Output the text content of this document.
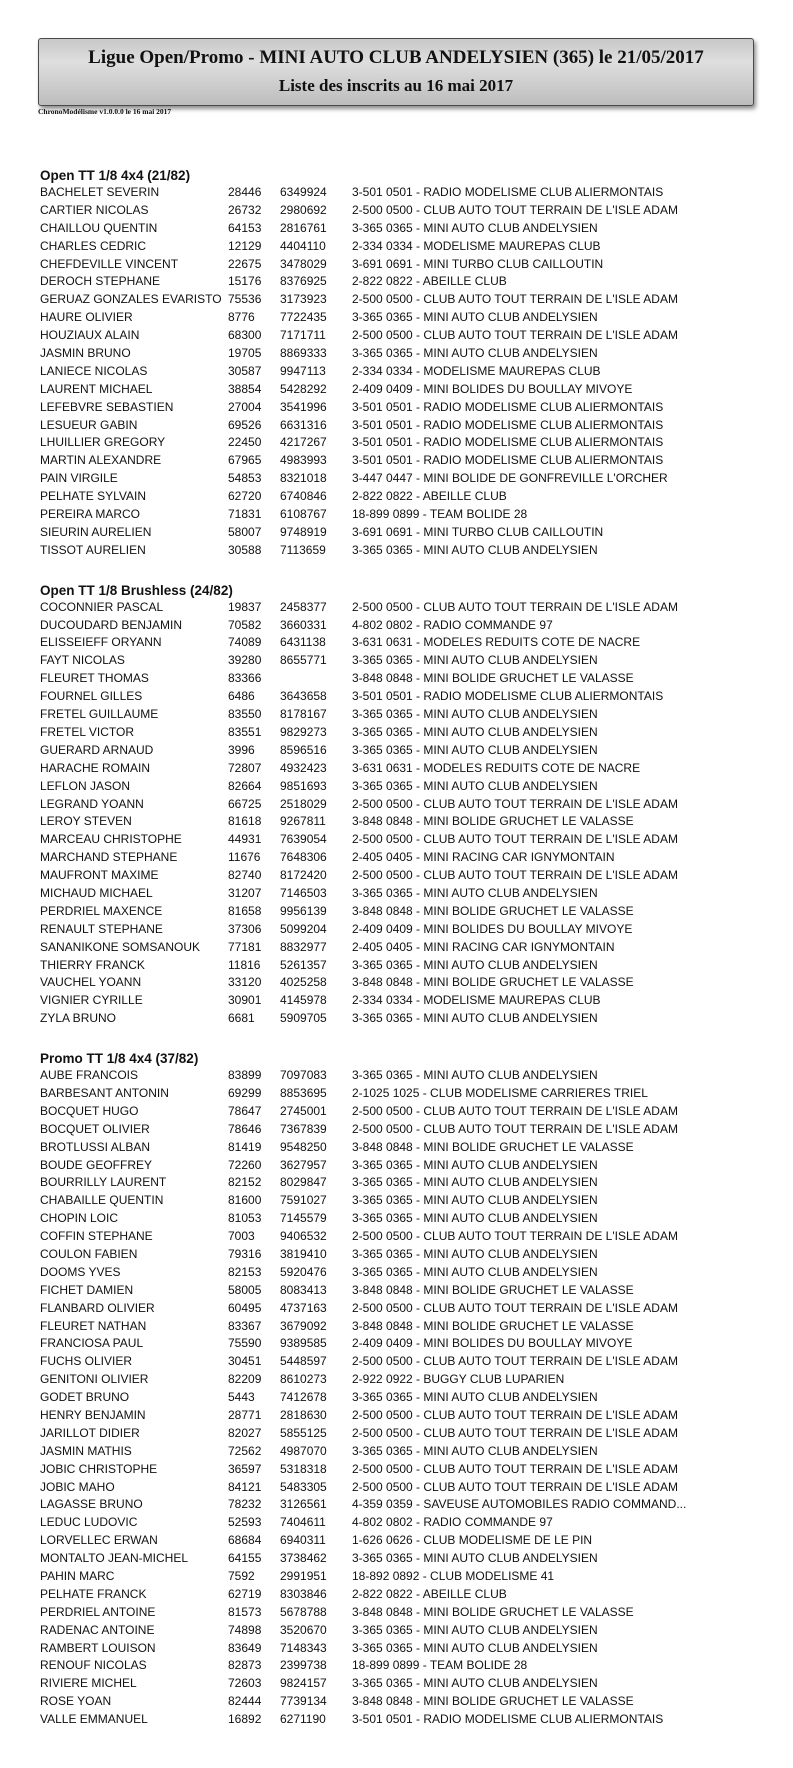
Ligue Open/Promo - MINI AUTO CLUB ANDELYSIEN (365) le 21/05/2017
Liste des inscrits au 16 mai 2017
ChronoModélisme v1.0.0.0 le 16 mai 2017
Open TT 1/8 4x4 (21/82)
BACHELET SEVERIN	28446 6349924 3-501 0501 - RADIO MODELISME CLUB ALIERMONTAIS
CARTIER NICOLAS	26732 2980692 2-500 0500 - CLUB AUTO TOUT TERRAIN DE L'ISLE ADAM
CHAILLOU QUENTIN	64153 2816761 3-365 0365 - MINI AUTO CLUB ANDELYSIEN
CHARLES CEDRIC	12129 4404110 2-334 0334 - MODELISME MAUREPAS CLUB
CHEFDEVILLE VINCENT	22675 3478029 3-691 0691 - MINI TURBO CLUB CAILLOUTIN
DEROCH STEPHANE	15176 8376925 2-822 0822 - ABEILLE CLUB
GERUAZ GONZALES EVARISTO 75536 3173923 2-500 0500 - CLUB AUTO TOUT TERRAIN DE L'ISLE ADAM
HAURE OLIVIER	8776 7722435 3-365 0365 - MINI AUTO CLUB ANDELYSIEN
HOUZIAUX ALAIN	68300 7171711 2-500 0500 - CLUB AUTO TOUT TERRAIN DE L'ISLE ADAM
JASMIN BRUNO	19705 8869333 3-365 0365 - MINI AUTO CLUB ANDELYSIEN
LANIECE NICOLAS	30587 9947113 2-334 0334 - MODELISME MAUREPAS CLUB
LAURENT MICHAEL	38854 5428292 2-409 0409 - MINI BOLIDES DU BOULLAY MIVOYE
LEFEBVRE SEBASTIEN	27004 3541996 3-501 0501 - RADIO MODELISME CLUB ALIERMONTAIS
LESUEUR GABIN	69526 6631316 3-501 0501 - RADIO MODELISME CLUB ALIERMONTAIS
LHUILLIER GREGORY	22450 4217267 3-501 0501 - RADIO MODELISME CLUB ALIERMONTAIS
MARTIN ALEXANDRE	67965 4983993 3-501 0501 - RADIO MODELISME CLUB ALIERMONTAIS
PAIN VIRGILE	54853 8321018 3-447 0447 - MINI BOLIDE DE GONFREVILLE L'ORCHER
PELHATE SYLVAIN	62720 6740846 2-822 0822 - ABEILLE CLUB
PEREIRA MARCO	71831 6108767 18-899 0899 - TEAM BOLIDE 28
SIEURIN AURELIEN	58007 9748919 3-691 0691 - MINI TURBO CLUB CAILLOUTIN
TISSOT AURELIEN	30588 7113659 3-365 0365 - MINI AUTO CLUB ANDELYSIEN
Open TT 1/8 Brushless (24/82)
COCONNIER PASCAL	19837 2458377 2-500 0500 - CLUB AUTO TOUT TERRAIN DE L'ISLE ADAM
DUCOUDARD BENJAMIN	70582 3660331 4-802 0802 - RADIO COMMANDE 97
ELISSEIEFF ORYANN	74089 6431138 3-631 0631 - MODELES REDUITS COTE DE NACRE
FAYT NICOLAS	39280 8655771 3-365 0365 - MINI AUTO CLUB ANDELYSIEN
FLEURET THOMAS	83366	3-848 0848 - MINI BOLIDE GRUCHET LE VALASSE
FOURNEL GILLES	6486 3643658 3-501 0501 - RADIO MODELISME CLUB ALIERMONTAIS
FRETEL GUILLAUME	83550 8178167 3-365 0365 - MINI AUTO CLUB ANDELYSIEN
FRETEL VICTOR	83551 9829273 3-365 0365 - MINI AUTO CLUB ANDELYSIEN
GUERARD ARNAUD	3996 8596516 3-365 0365 - MINI AUTO CLUB ANDELYSIEN
HARACHE ROMAIN	72807 4932423 3-631 0631 - MODELES REDUITS COTE DE NACRE
LEFLON JASON	82664 9851693 3-365 0365 - MINI AUTO CLUB ANDELYSIEN
LEGRAND YOANN	66725 2518029 2-500 0500 - CLUB AUTO TOUT TERRAIN DE L'ISLE ADAM
LEROY STEVEN	81618 9267811 3-848 0848 - MINI BOLIDE GRUCHET LE VALASSE
MARCEAU CHRISTOPHE	44931 7639054 2-500 0500 - CLUB AUTO TOUT TERRAIN DE L'ISLE ADAM
MARCHAND STEPHANE	11676 7648306 2-405 0405 - MINI RACING CAR IGNYMONTAIN
MAUFRONT MAXIME	82740 8172420 2-500 0500 - CLUB AUTO TOUT TERRAIN DE L'ISLE ADAM
MICHAUD MICHAEL	31207 7146503 3-365 0365 - MINI AUTO CLUB ANDELYSIEN
PERDRIEL MAXENCE	81658 9956139 3-848 0848 - MINI BOLIDE GRUCHET LE VALASSE
RENAULT STEPHANE	37306 5099204 2-409 0409 - MINI BOLIDES DU BOULLAY MIVOYE
SANANIKONE SOMSANOUK 77181 8832977 2-405 0405 - MINI RACING CAR IGNYMONTAIN
THIERRY FRANCK	11816 5261357 3-365 0365 - MINI AUTO CLUB ANDELYSIEN
VAUCHEL YOANN	33120 4025258 3-848 0848 - MINI BOLIDE GRUCHET LE VALASSE
VIGNIER CYRILLE	30901 4145978 2-334 0334 - MODELISME MAUREPAS CLUB
ZYLA BRUNO	6681 5909705 3-365 0365 - MINI AUTO CLUB ANDELYSIEN
Promo TT 1/8 4x4 (37/82)
AUBE FRANCOIS	83899 7097083 3-365 0365 - MINI AUTO CLUB ANDELYSIEN
BARBESANT ANTONIN	69299 8853695 2-1025 1025 - CLUB MODELISME CARRIERES TRIEL
BOCQUET HUGO	78647 2745001 2-500 0500 - CLUB AUTO TOUT TERRAIN DE L'ISLE ADAM
BOCQUET OLIVIER	78646 7367839 2-500 0500 - CLUB AUTO TOUT TERRAIN DE L'ISLE ADAM
BROTLUSSI ALBAN	81419 9548250 3-848 0848 - MINI BOLIDE GRUCHET LE VALASSE
BOUDE GEOFFREY	72260 3627957 3-365 0365 - MINI AUTO CLUB ANDELYSIEN
BOURRILLY LAURENT	82152 8029847 3-365 0365 - MINI AUTO CLUB ANDELYSIEN
CHABAILLE QUENTIN	81600 7591027 3-365 0365 - MINI AUTO CLUB ANDELYSIEN
CHOPIN LOIC	81053 7145579 3-365 0365 - MINI AUTO CLUB ANDELYSIEN
COFFIN STEPHANE	7003 9406532 2-500 0500 - CLUB AUTO TOUT TERRAIN DE L'ISLE ADAM
COULON FABIEN	79316 3819410 3-365 0365 - MINI AUTO CLUB ANDELYSIEN
DOOMS YVES	82153 5920476 3-365 0365 - MINI AUTO CLUB ANDELYSIEN
FICHET DAMIEN	58005 8083413 3-848 0848 - MINI BOLIDE GRUCHET LE VALASSE
FLANBARD OLIVIER	60495 4737163 2-500 0500 - CLUB AUTO TOUT TERRAIN DE L'ISLE ADAM
FLEURET NATHAN	83367 3679092 3-848 0848 - MINI BOLIDE GRUCHET LE VALASSE
FRANCIOSA PAUL	75590 9389585 2-409 0409 - MINI BOLIDES DU BOULLAY MIVOYE
FUCHS OLIVIER	30451 5448597 2-500 0500 - CLUB AUTO TOUT TERRAIN DE L'ISLE ADAM
GENITONI OLIVIER	82209 8610273 2-922 0922 - BUGGY CLUB LUPARIEN
GODET BRUNO	5443 7412678 3-365 0365 - MINI AUTO CLUB ANDELYSIEN
HENRY BENJAMIN	28771 2818630 2-500 0500 - CLUB AUTO TOUT TERRAIN DE L'ISLE ADAM
JARILLOT DIDIER	82027 5855125 2-500 0500 - CLUB AUTO TOUT TERRAIN DE L'ISLE ADAM
JASMIN MATHIS	72562 4987070 3-365 0365 - MINI AUTO CLUB ANDELYSIEN
JOBIC CHRISTOPHE	36597 5318318 2-500 0500 - CLUB AUTO TOUT TERRAIN DE L'ISLE ADAM
JOBIC MAHO	84121 5483305 2-500 0500 - CLUB AUTO TOUT TERRAIN DE L'ISLE ADAM
LAGASSE BRUNO	78232 3126561 4-359 0359 - SAVEUSE AUTOMOBILES RADIO COMMAND...
LEDUC LUDOVIC	52593 7404611 4-802 0802 - RADIO COMMANDE 97
LORVELLEC ERWAN	68684 6940311 1-626 0626 - CLUB MODELISME DE LE PIN
MONTALTO JEAN-MICHEL	64155 3738462 3-365 0365 - MINI AUTO CLUB ANDELYSIEN
PAHIN MARC	7592 2991951 18-892 0892 - CLUB MODELISME 41
PELHATE FRANCK	62719 8303846 2-822 0822 - ABEILLE CLUB
PERDRIEL ANTOINE	81573 5678788 3-848 0848 - MINI BOLIDE GRUCHET LE VALASSE
RADENAC ANTOINE	74898 3520670 3-365 0365 - MINI AUTO CLUB ANDELYSIEN
RAMBERT LOUISON	83649 7148343 3-365 0365 - MINI AUTO CLUB ANDELYSIEN
RENOUF NICOLAS	82873 2399738 18-899 0899 - TEAM BOLIDE 28
RIVIERE MICHEL	72603 9824157 3-365 0365 - MINI AUTO CLUB ANDELYSIEN
ROSE YOAN	82444 7739134 3-848 0848 - MINI BOLIDE GRUCHET LE VALASSE
VALLE EMMANUEL	16892 6271190 3-501 0501 - RADIO MODELISME CLUB ALIERMONTAIS
